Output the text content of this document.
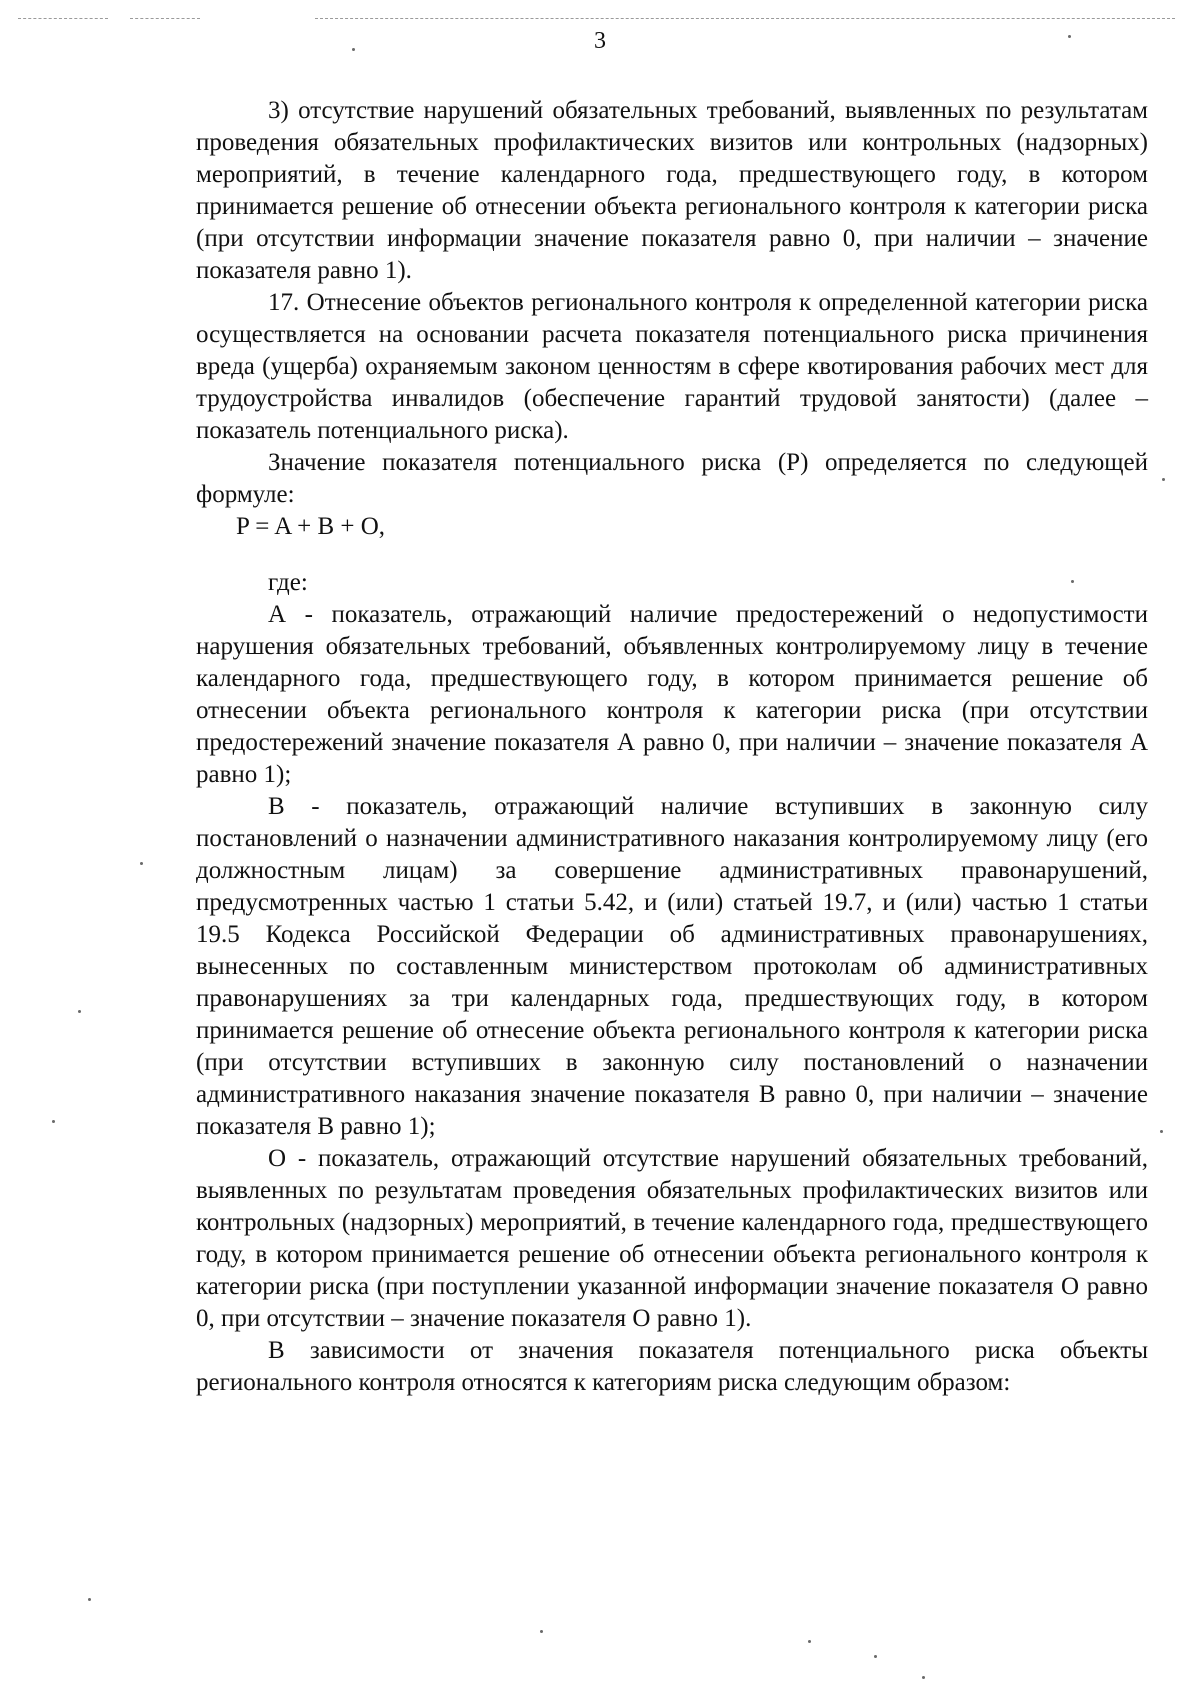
3

3) отсутствие нарушений обязательных требований, выявленных по результатам проведения обязательных профилактических визитов или контрольных (надзорных) мероприятий, в течение календарного года, предшествующего году, в котором принимается решение об отнесении объекта регионального контроля к категории риска (при отсутствии информации значение показателя равно 0, при наличии – значение показателя равно 1).

17. Отнесение объектов регионального контроля к определенной категории риска осуществляется на основании расчета показателя потенциального риска причинения вреда (ущерба) охраняемым законом ценностям в сфере квотирования рабочих мест для трудоустройства инвалидов (обеспечение гарантий трудовой занятости) (далее – показатель потенциального риска).

Значение показателя потенциального риска (P) определяется по следующей формуле:

P = A + B + O,

где:

А - показатель, отражающий наличие предостережений о недопустимости нарушения обязательных требований, объявленных контролируемому лицу в течение календарного года, предшествующего году, в котором принимается решение об отнесении объекта регионального контроля к категории риска (при отсутствии предостережений значение показателя А равно 0, при наличии – значение показателя А равно 1);

В - показатель, отражающий наличие вступивших в законную силу постановлений о назначении административного наказания контролируемому лицу (его должностным лицам) за совершение административных правонарушений, предусмотренных частью 1 статьи 5.42, и (или) статьей 19.7, и (или) частью 1 статьи 19.5 Кодекса Российской Федерации об административных правонарушениях, вынесенных по составленным министерством протоколам об административных правонарушениях за три календарных года, предшествующих году, в котором принимается решение об отнесение объекта регионального контроля к категории риска (при отсутствии вступивших в законную силу постановлений о назначении административного наказания значение показателя В равно 0, при наличии – значение показателя В равно 1);

О - показатель, отражающий отсутствие нарушений обязательных требований, выявленных по результатам проведения обязательных профилактических визитов или контрольных (надзорных) мероприятий, в течение календарного года, предшествующего году, в котором принимается решение об отнесении объекта регионального контроля к категории риска (при поступлении указанной информации значение показателя О равно 0, при отсутствии – значение показателя О равно 1).

В зависимости от значения показателя потенциального риска объекты регионального контроля относятся к категориям риска следующим образом:
